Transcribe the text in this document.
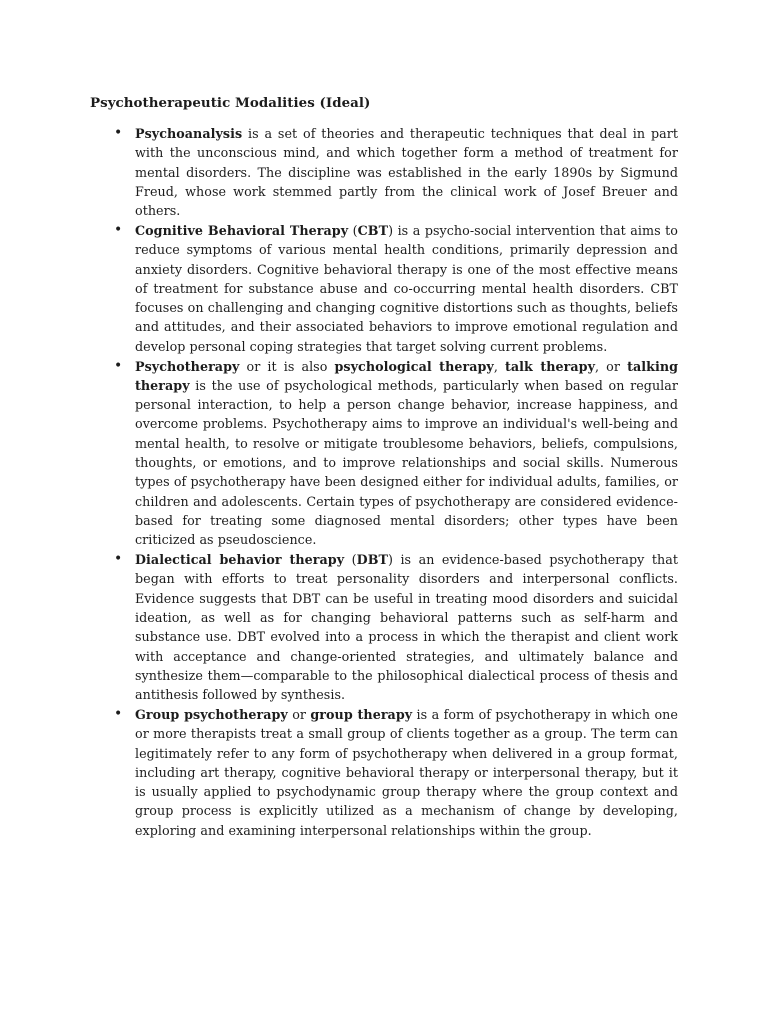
Psychotherapeutic Modalities (Ideal)
• Psychoanalysis is a set of theories and therapeutic techniques that deal in part with the unconscious mind, and which together form a method of treatment for mental disorders. The discipline was established in the early 1890s by Sigmund Freud, whose work stemmed partly from the clinical work of Josef Breuer and others.
• Cognitive Behavioral Therapy (CBT) is a psycho-social intervention that aims to reduce symptoms of various mental health conditions, primarily depression and anxiety disorders. Cognitive behavioral therapy is one of the most effective means of treatment for substance abuse and co-occurring mental health disorders. CBT focuses on challenging and changing cognitive distortions such as thoughts, beliefs and attitudes, and their associated behaviors to improve emotional regulation and develop personal coping strategies that target solving current problems.
• Psychotherapy or it is also psychological therapy, talk therapy, or talking therapy is the use of psychological methods, particularly when based on regular personal interaction, to help a person change behavior, increase happiness, and overcome problems. Psychotherapy aims to improve an individual's well-being and mental health, to resolve or mitigate troublesome behaviors, beliefs, compulsions, thoughts, or emotions, and to improve relationships and social skills. Numerous types of psychotherapy have been designed either for individual adults, families, or children and adolescents. Certain types of psychotherapy are considered evidence-based for treating some diagnosed mental disorders; other types have been criticized as pseudoscience.
• Dialectical behavior therapy (DBT) is an evidence-based psychotherapy that began with efforts to treat personality disorders and interpersonal conflicts. Evidence suggests that DBT can be useful in treating mood disorders and suicidal ideation, as well as for changing behavioral patterns such as self-harm and substance use. DBT evolved into a process in which the therapist and client work with acceptance and change-oriented strategies, and ultimately balance and synthesize them—comparable to the philosophical dialectical process of thesis and antithesis followed by synthesis.
• Group psychotherapy or group therapy is a form of psychotherapy in which one or more therapists treat a small group of clients together as a group. The term can legitimately refer to any form of psychotherapy when delivered in a group format, including art therapy, cognitive behavioral therapy or interpersonal therapy, but it is usually applied to psychodynamic group therapy where the group context and group process is explicitly utilized as a mechanism of change by developing, exploring and examining interpersonal relationships within the group.
